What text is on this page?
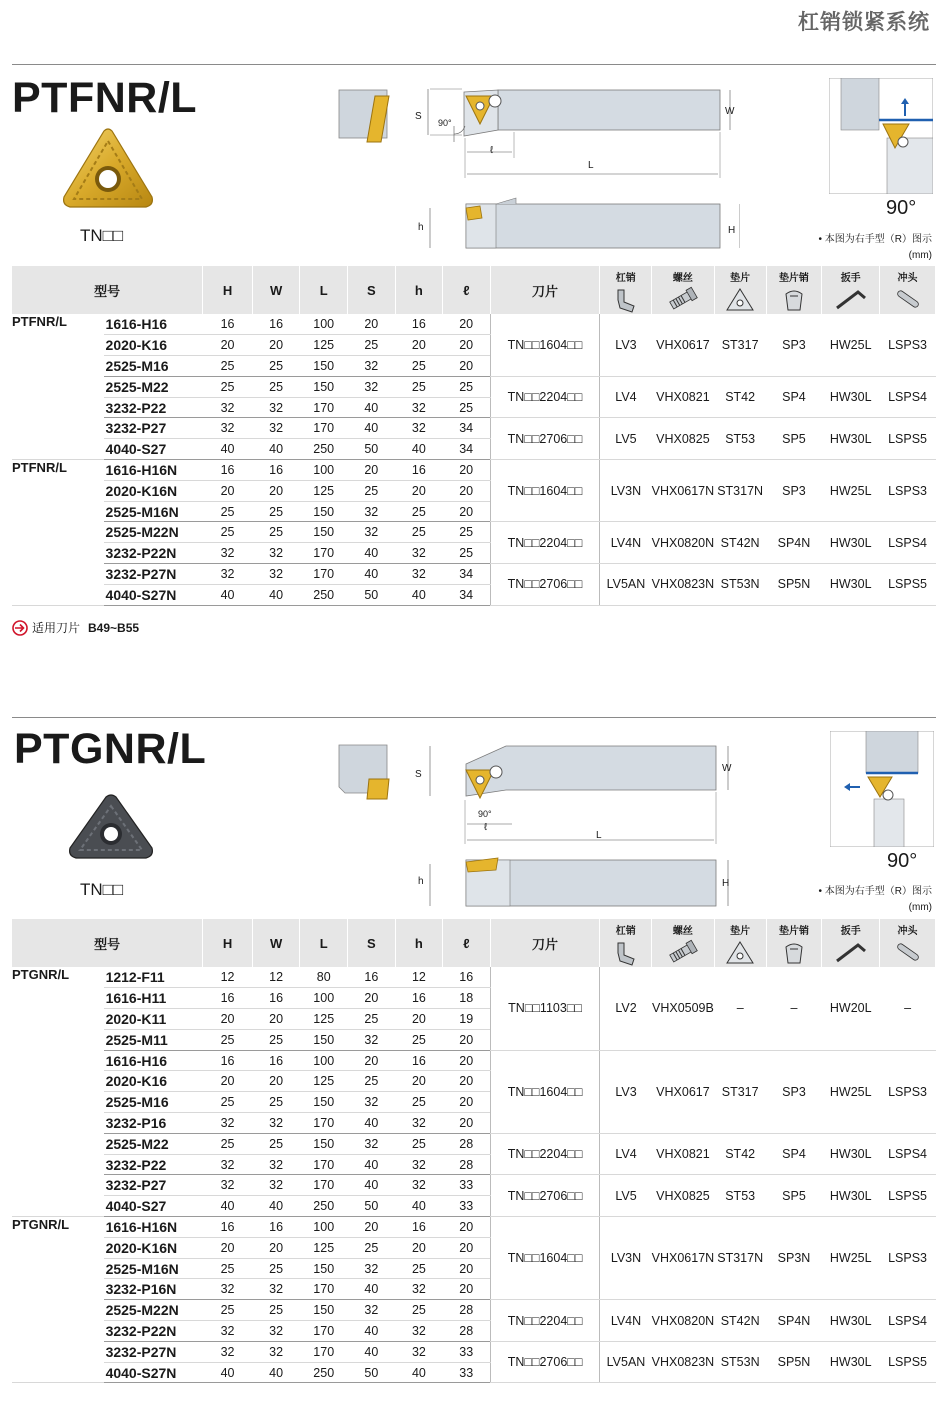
杠销锁紧系统
PTFNR/L
TN□□
S	W
L
ℓ
90°
h	H
90°
• 本图为右手型（R）图示
(mm)
型号		H	W	L	S	h	ℓ	刀片	杠销	螺丝	垫片	垫片销	扳手	冲头

PTFNR/L	1616-H16	16	16	100	20	16	20	TN□□1604□□	LV3	VHX0617	ST317	SP3	HW25L	LSPS3
	2020-K16	20	20	125	25	20	20							
	2525-M16	25	25	150	32	25	20							
	2525-M22	25	25	150	32	25	25	TN□□2204□□	LV4	VHX0821	ST42	SP4	HW30L	LSPS4
	3232-P22	32	32	170	40	32	25							
	3232-P27	32	32	170	40	32	34	TN□□2706□□	LV5	VHX0825	ST53	SP5	HW30L	LSPS5
	4040-S27	40	40	250	50	40	34							
PTFNR/L	1616-H16N	16	16	100	20	16	20	TN□□1604□□	LV3N	VHX0617N	ST317N	SP3	HW25L	LSPS3
	2020-K16N	20	20	125	25	20	20							
	2525-M16N	25	25	150	32	25	20							
	2525-M22N	25	25	150	32	25	25	TN□□2204□□	LV4N	VHX0820N	ST42N	SP4N	HW30L	LSPS4
	3232-P22N	32	32	170	40	32	25							
	3232-P27N	32	32	170	40	32	34	TN□□2706□□	LV5AN	VHX0823N	ST53N	SP5N	HW30L	LSPS5
	4040-S27N	40	40	250	50	40	34							
适用刀片 B49~B55
PTGNR/L
TN□□
S
W
L
ℓ
90°
h	H
90°
• 本图为右手型（R）图示
(mm)
型号		H	W	L	S	h	ℓ	刀片	杠销	螺丝	垫片	垫片销	扳手	冲头

PTGNR/L	1212-F11	12	12	80	16	12	16	TN□□1103□□	LV2	VHX0509B	–	–	HW20L	–
	1616-H11	16	16	100	20	16	18							
	2020-K11	20	20	125	25	20	19							
	2525-M11	25	25	150	32	25	20							
	1616-H16	16	16	100	20	16	20	TN□□1604□□	LV3	VHX0617	ST317	SP3	HW25L	LSPS3
	2020-K16	20	20	125	25	20	20							
	2525-M16	25	25	150	32	25	20							
	3232-P16	32	32	170	40	32	20							
	2525-M22	25	25	150	32	25	28	TN□□2204□□	LV4	VHX0821	ST42	SP4	HW30L	LSPS4
	3232-P22	32	32	170	40	32	28							
	3232-P27	32	32	170	40	32	33	TN□□2706□□	LV5	VHX0825	ST53	SP5	HW30L	LSPS5
	4040-S27	40	40	250	50	40	33							
PTGNR/L	1616-H16N	16	16	100	20	16	20	TN□□1604□□	LV3N	VHX0617N	ST317N	SP3N	HW25L	LSPS3
	2020-K16N	20	20	125	25	20	20							
	2525-M16N	25	25	150	32	25	20							
	3232-P16N	32	32	170	40	32	20							
	2525-M22N	25	25	150	32	25	28	TN□□2204□□	LV4N	VHX0820N	ST42N	SP4N	HW30L	LSPS4
	3232-P22N	32	32	170	40	32	28							
	3232-P27N	32	32	170	40	32	33	TN□□2706□□	LV5AN	VHX0823N	ST53N	SP5N	HW30L	LSPS5
	4040-S27N	40	40	250	50	40	33							
